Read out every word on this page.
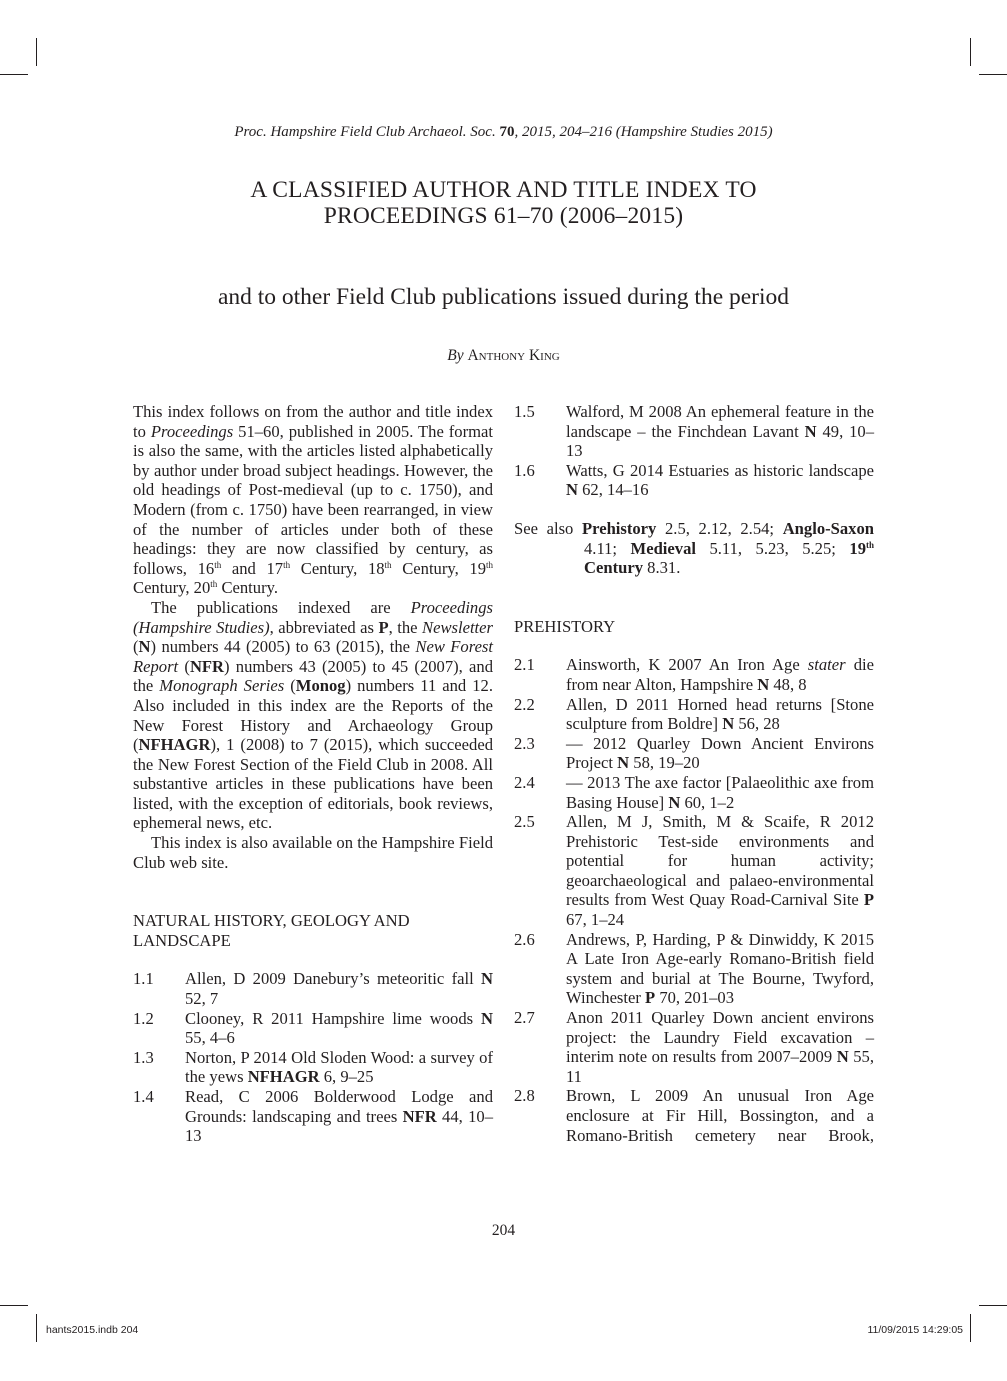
Proc. Hampshire Field Club Archaeol. Soc. 70, 2015, 204–216 (Hampshire Studies 2015)
A CLASSIFIED AUTHOR AND TITLE INDEX TO
PROCEEDINGS 61–70 (2006–2015)
and to other Field Club publications issued during the period
By Anthony King

This index follows on from the author and title index to Proceedings 51–60, published in 2005. The format is also the same, with the articles listed alphabetically by author under broad subject headings. However, the old headings of Post-medieval (up to c. 1750), and Modern (from c. 1750) have been rearranged, in view of the number of articles under both of these headings: they are now classified by century, as follows, 16th and 17th Century, 18th Century, 19th Century, 20th Century.

The publications indexed are Proceedings (Hampshire Studies), abbreviated as P, the Newsletter (N) numbers 44 (2005) to 63 (2015), the New Forest Report (NFR) numbers 43 (2005) to 45 (2007), and the Monograph Series (Monog) numbers 11 and 12. Also included in this index are the Reports of the New Forest History and Archaeology Group (NFHAGR), 1 (2008) to 7 (2015), which succeeded the New Forest Section of the Field Club in 2008. All substantive articles in these publications have been listed, with the exception of editorials, book reviews, ephemeral news, etc.

This index is also available on the Hampshire Field Club web site.

NATURAL HISTORY, GEOLOGY AND LANDSCAPE

1.1	Allen, D 2009 Danebury’s meteoritic fall N 52, 7
1.2	Clooney, R 2011 Hampshire lime woods N 55, 4–6
1.3	Norton, P 2014 Old Sloden Wood: a survey of the yews NFHAGR 6, 9–25
1.4	Read, C 2006 Bolderwood Lodge and Grounds: landscaping and trees NFR 44, 10–13
1.5	Walford, M 2008 An ephemeral feature in the landscape – the Finchdean Lavant N 49, 10–13
1.6	Watts, G 2014 Estuaries as historic landscape N 62, 14–16

See also Prehistory 2.5, 2.12, 2.54; Anglo-Saxon 4.11; Medieval 5.11, 5.23, 5.25; 19th Century 8.31.

PREHISTORY

2.1	Ainsworth, K 2007 An Iron Age stater die from near Alton, Hampshire N 48, 8
2.2	Allen, D 2011 Horned head returns [Stone sculpture from Boldre] N 56, 28
2.3	— 2012 Quarley Down Ancient Environs Project N 58, 19–20
2.4	— 2013 The axe factor [Palaeolithic axe from Basing House] N 60, 1–2
2.5	Allen, M J, Smith, M & Scaife, R 2012 Prehistoric Test-side environments and potential for human activity; geoarchaeological and palaeo-environmental results from West Quay Road-Carnival Site P 67, 1–24
2.6	Andrews, P, Harding, P & Dinwiddy, K 2015 A Late Iron Age-early Romano-British field system and burial at The Bourne, Twyford, Winchester P 70, 201–03
2.7	Anon 2011 Quarley Down ancient environs project: the Laundry Field excavation – interim note on results from 2007–2009 N 55, 11
2.8	Brown, L 2009 An unusual Iron Age enclosure at Fir Hill, Bossington, and a Romano-British cemetery near Brook,
204
hants2015.indb 204	11/09/2015 14:29:05
